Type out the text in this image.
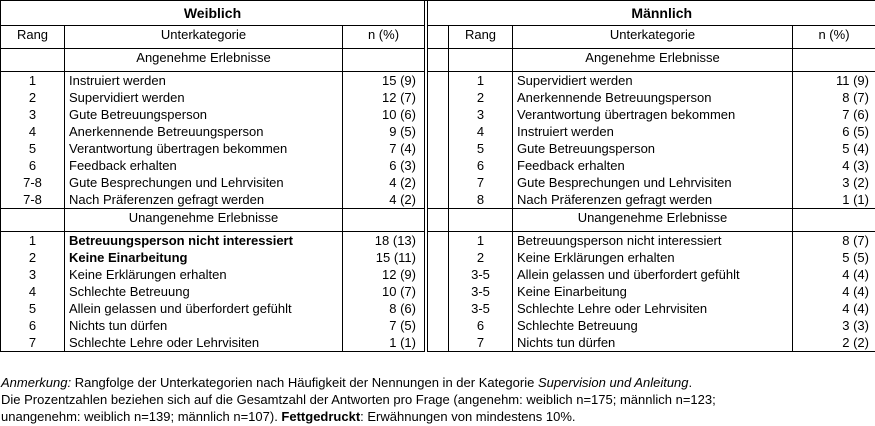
Weiblich					Männlich		
Rang	Unterkategorie	n (%)			Rang	Unterkategorie	n (%)
	Angenehme Erlebnisse					Angenehme Erlebnisse	
1	Instruiert werden	15 (9)			1	Supervidiert werden	11 (9)
2	Supervidiert werden	12 (7)			2	Anerkennende Betreuungsperson	8 (7)
3	Gute Betreuungsperson	10 (6)			3	Verantwortung übertragen bekommen	7 (6)
4	Anerkennende Betreuungsperson	9 (5)			4	Instruiert werden	6 (5)
5	Verantwortung übertragen bekommen	7 (4)			5	Gute Betreuungsperson	5 (4)
6	Feedback erhalten	6 (3)			6	Feedback erhalten	4 (3)
7-8	Gute Besprechungen und Lehrvisiten	4 (2)			7	Gute Besprechungen und Lehrvisiten	3 (2)
7-8	Nach Präferenzen gefragt werden	4 (2)			8	Nach Präferenzen gefragt werden	1 (1)
	Unangenehme Erlebnisse					Unangenehme Erlebnisse	
1	Betreuungsperson nicht interessiert	18 (13)			1	Betreuungsperson nicht interessiert	8 (7)
2	Keine Einarbeitung	15 (11)			2	Keine Erklärungen erhalten	5 (5)
3	Keine Erklärungen erhalten	12 (9)			3-5	Allein gelassen und überfordert gefühlt	4 (4)
4	Schlechte Betreuung	10 (7)			3-5	Keine Einarbeitung	4 (4)
5	Allein gelassen und überfordert gefühlt	8 (6)			3-5	Schlechte Lehre oder Lehrvisiten	4 (4)
6	Nichts tun dürfen	7 (5)			6	Schlechte Betreuung	3 (3)
7	Schlechte Lehre oder Lehrvisiten	1 (1)			7	Nichts tun dürfen	2 (2)
Anmerkung: Rangfolge der Unterkategorien nach Häufigkeit der Nennungen in der Kategorie Supervision und Anleitung.
Die Prozentzahlen beziehen sich auf die Gesamtzahl der Antworten pro Frage (angenehm: weiblich n=175; männlich n=123;
unangenehm: weiblich n=139; männlich n=107). Fettgedruckt: Erwähnungen von mindestens 10%.
